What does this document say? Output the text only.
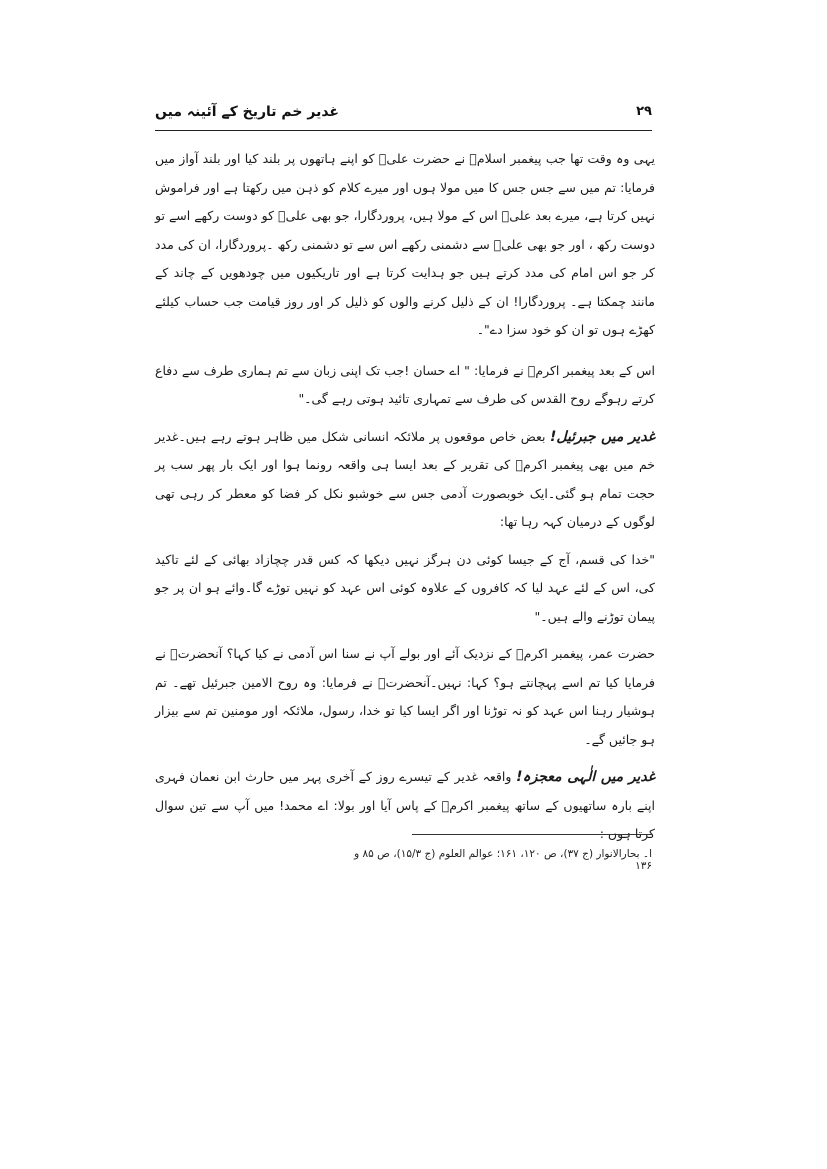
غدیر خم تاریخ کے آئینہ میں	۲۹

یہی وہ وقت تھا جب پیغمبر اسلامؐ نے حضرت علیؑ کو اپنے ہاتھوں پر بلند کیا اور بلند آواز میں فرمایا: تم میں سے جس جس کا میں مولا ہوں اور میرے کلام کو ذہن میں رکھتا ہے اور فراموش نہیں کرتا ہے، میرے بعد علیؑ اس کے مولا ہیں، پروردگارا، جو بھی علیؑ کو دوست رکھے اسے تو دوست رکھ ، اور جو بھی علیؑ سے دشمنی رکھے اس سے تو دشمنی رکھ ۔پروردگارا، ان کی مدد کر جو اس امام کی مدد کرتے ہیں جو ہدایت کرتا ہے اور تاریکیوں میں چودھویں کے چاند کے مانند چمکتا ہے۔ پروردگارا! ان کے ذلیل کرنے والوں کو ذلیل کر اور روز قیامت جب حساب کیلئے کھڑے ہوں تو ان کو خود سزا دے"۔

اس کے بعد پیغمبر اکرمؐ نے فرمایا: " اے حسان !جب تک اپنی زبان سے تم ہماری طرف سے دفاع کرتے رہوگے روح القدس کی طرف سے تمہاری تائید ہوتی رہے گی۔"

غدیر میں جبرئیل! بعض خاص موقعوں پر ملائکہ انسانی شکل میں ظاہر ہوتے رہے ہیں۔غدیر خم میں بھی پیغمبر اکرمؐ کی تقریر کے بعد ایسا ہی واقعہ رونما ہوا اور ایک بار پھر سب پر حجت تمام ہو گئی۔ایک خوبصورت آدمی جس سے خوشبو نکل کر فضا کو معطر کر رہی تھی لوگوں کے درمیان کہہ رہا تھا:

"خدا کی قسم، آج کے جیسا کوئی دن ہرگز نہیں دیکھا کہ کس قدر چچازاد بھائی کے لئے تاکید کی، اس کے لئے عہد لیا کہ کافروں کے علاوہ کوئی اس عہد کو نہیں توڑے گا۔وائے ہو ان پر جو پیمان توڑنے والے ہیں۔"

حضرت عمر، پیغمبر اکرمؐ کے نزدیک آئے اور بولے آپ نے سنا اس آدمی نے کیا کہا؟ آنحضرتؐ نے فرمایا کیا تم اسے پہچانتے ہو؟ کہا: نہیں۔آنحضرتؐ نے فرمایا: وہ روح الامین جبرئیل تھے۔ تم ہوشیار رہنا اس عہد کو نہ توڑنا اور اگر ایسا کیا تو خدا، رسول، ملائکہ اور مومنین تم سے بیزار ہو جائیں گے۔

غدیر میں الٰہی معجزہ! واقعہ غدیر کے تیسرے روز کے آخری پہر میں حارث ابن نعمان فہری اپنے بارہ ساتھیوں کے ساتھ پیغمبر اکرمؐ کے پاس آیا اور بولا: اے محمد! میں آپ سے تین سوال کرتا ہوں :

ا۔ بحارالانوار (ج ۳۷)، ص ۱۲۰، ۱۶۱؛ عوالم العلوم (ج ۱۵/۳)، ص ۸۵ و ۱۳۶
